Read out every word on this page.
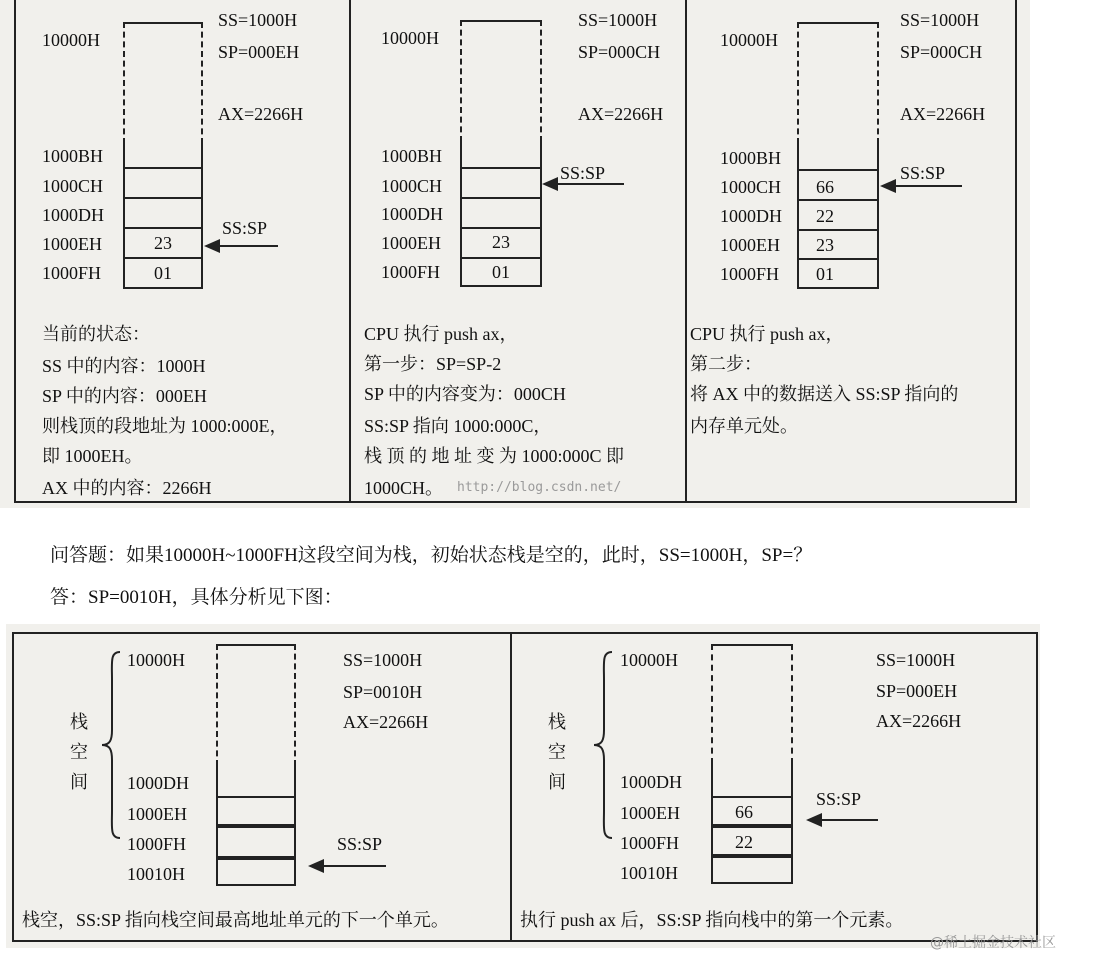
10000H
SS=1000H
SP=000EH
AX=2266H
1000BH
1000CH
1000DH
1000EH
1000FH
23
01
SS:SP
当前的状态：
SS 中的内容：1000H
SP 中的内容：000EH
则栈顶的段地址为 1000:000E，
即 1000EH。
AX 中的内容：2266H
10000H
SS=1000H
SP=000CH
AX=2266H
1000BH
1000CH
1000DH
1000EH
1000FH
23
01
SS:SP
CPU 执行 push ax，
第一步：SP=SP-2
SP 中的内容变为：000CH
SS:SP 指向 1000:000C，
栈 顶 的 地 址 变 为 1000:000C 即
1000CH。
10000H
SS=1000H
SP=000CH
AX=2266H
1000BH
1000CH
1000DH
1000EH
1000FH
66
22
23
01
SS:SP
CPU 执行 push ax，
第二步：
将 AX 中的数据送入 SS:SP 指向的
内存单元处。
http://blog.csdn.net/
问答题：如果10000H~1000FH这段空间为栈，初始状态栈是空的，此时，SS=1000H，SP=？
答：SP=0010H，具体分析见下图：
栈
空
间
10000H
1000DH
1000EH
1000FH
10010H
SS=1000H
SP=0010H
AX=2266H
SS:SP
栈空，SS:SP 指向栈空间最高地址单元的下一个单元。
栈
空
间
10000H
1000DH
1000EH
1000FH
10010H
66
22
SS=1000H
SP=000EH
AX=2266H
SS:SP
执行 push ax 后，SS:SP 指向栈中的第一个元素。
@稀土掘金技术社区
